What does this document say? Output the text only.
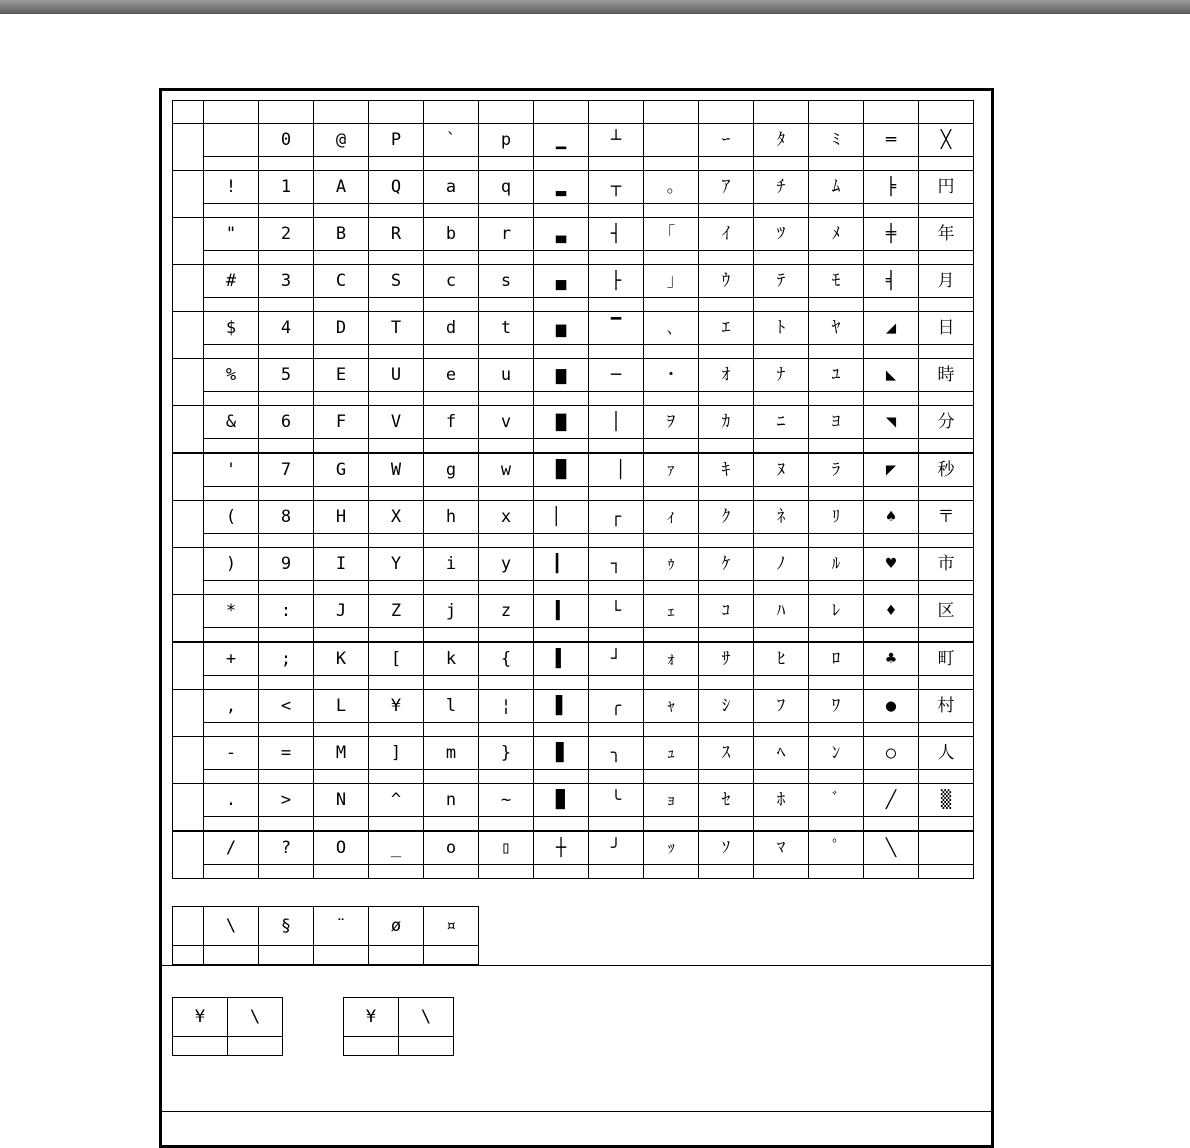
		0	@	P	`	p	▁	┴		ｰ	ﾀ	ﾐ	═	╳

	!	1	A	Q	a	q	▂	┬	｡	ｱ	ﾁ	ﾑ	╞	円

	"	2	B	R	b	r	▃	┤	｢	ｲ	ﾂ	ﾒ	╪	年

	#	3	C	S	c	s	▄	├	｣	ｳ	ﾃ	ﾓ	╡	月

	$	4	D	T	d	t	▅	▔	､	ｴ	ﾄ	ﾔ	◢	日

	%	5	E	U	e	u	▆	─	･	ｵ	ﾅ	ﾕ	◣	時

	&	6	F	V	f	v	▇	│	ｦ	ｶ	ﾆ	ﾖ	◥	分

	'	7	G	W	g	w	█	▕	ｧ	ｷ	ﾇ	ﾗ	◤	秒

	(	8	H	X	h	x	▏	┌	ｨ	ｸ	ﾈ	ﾘ	♠	〒

	)	9	I	Y	i	y	▎	┐	ｩ	ｹ	ﾉ	ﾙ	♥	市

	*	:	J	Z	j	z	▍	└	ｪ	ｺ	ﾊ	ﾚ	♦	区

	+	;	K	[	k	{	▌	┘	ｫ	ｻ	ﾋ	ﾛ	♣	町

	,	<	L	¥	l	¦	▋	╭	ｬ	ｼ	ﾌ	ﾜ	●	村

	-	=	M	]	m	}	▊	╮	ｭ	ｽ	ﾍ	ﾝ	○	人

	.	>	N	^	n	~	▉	╰	ｮ	ｾ	ﾎ	ﾞ	╱	▒

	/	?	O	_	o	▯	┼	╯	ｯ	ｿ	ﾏ	ﾟ	╲	

	\	§	¨	ø	¤

¥	\
		¥	\
